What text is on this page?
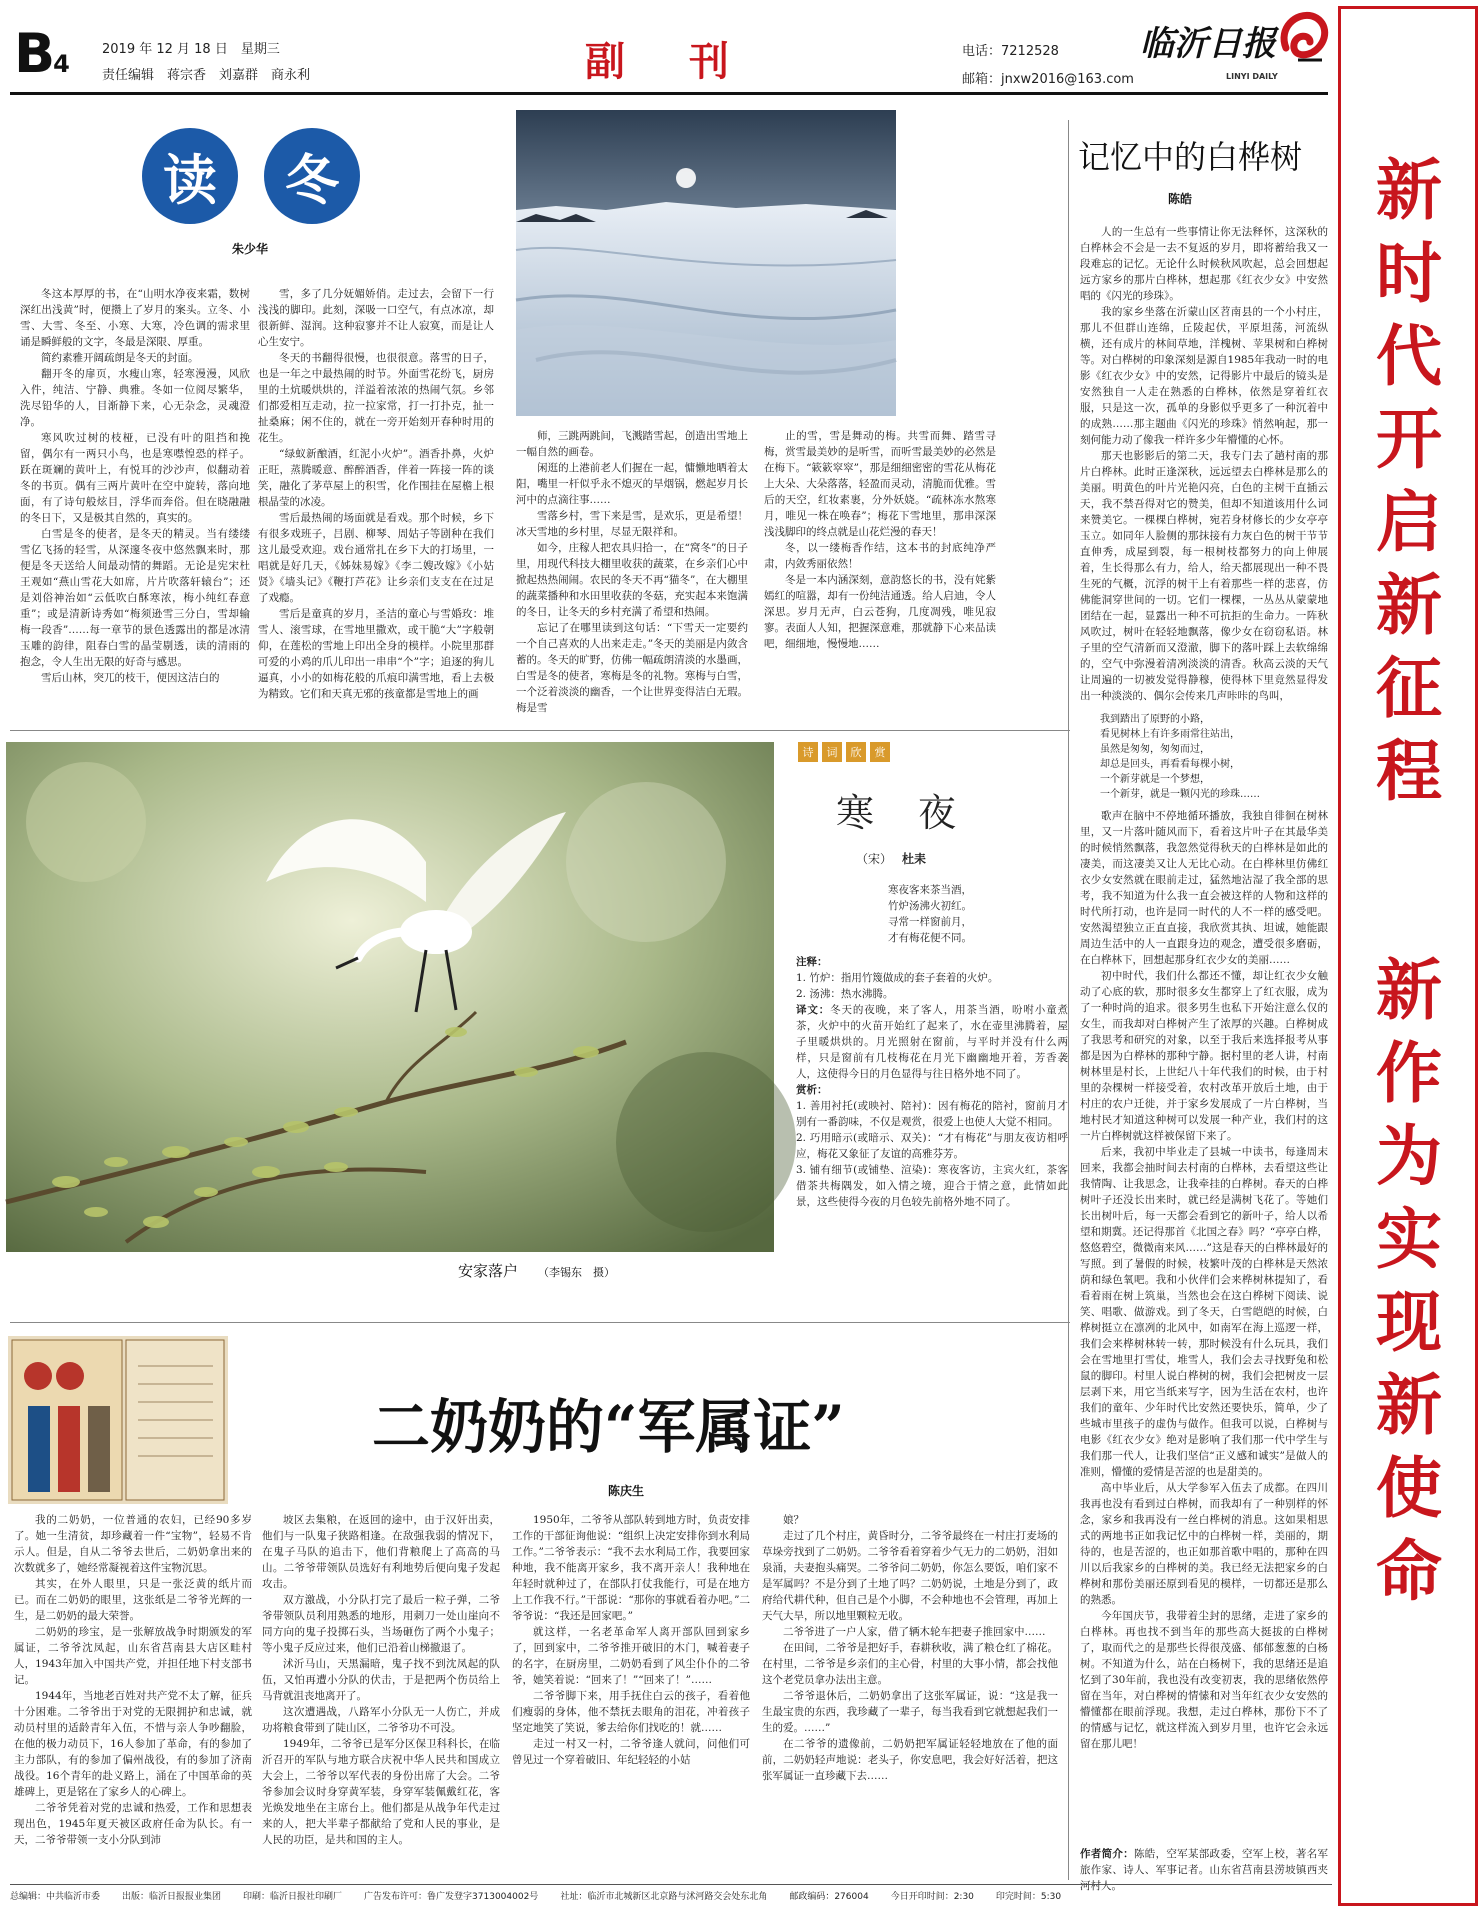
B4
2019 年 12 月 18 日　星期三
责任编辑　蒋宗香　刘嘉群　商永利	副刊	电话：7212528
邮箱：jnxw2016@163.com
临沂日报
LINYI DAILY
新时代开启新征程
新作为实现新使命
读	冬
朱少华

冬这本厚厚的书，在“山明水净夜来霜，数树深红出浅黄”时，便攒上了岁月的案头。立冬、小雪、大雪、冬至、小寒、大寒，冷色调的需求里诵是瞬鲜般的文字，冬最是深限、厚重。

简约素雅开阔疏朗是冬天的封面。

翻开冬的扉页，水瘦山寒，轻寒漫漫，风欣入件，纯洁、宁静、典雅。冬如一位阅尽繁华，洗尽铅华的人，目渐静下来，心无杂念，灵魂澄净。

寒风吹过树的枝桠，已没有叶的阻挡和挽留，偶尔有一两只小鸟，也是寒噤惶恐的样子。跃在斑斓的黄叶上，有悦耳的沙沙声，似翻动着冬的书页。偶有三两片黄叶在空中旋转，落向地面，有了诗句般炫目，浮华而奔俗。但在晓融融的冬日下，又是极其自然的，真实的。

白雪是冬的使者，是冬天的精灵。当有缕缕雪亿飞扬的轻雪，从深邃冬夜中悠然飘来时，那便是冬天送给人间最动情的舞蹈。无论是宪宋杜王观如“燕山雪花大如席，片片吹落轩辕台”；还是刘俗神治如“云低吹白酥寒浓，梅小纯红春意重”；或是清新诗秀如“梅须逊雪三分白，雪却输梅一段香”……每一章节的景色透露出的都是冰清玉雕的韵律，阻春白雪的晶莹剔透，读的清雨的抱念，令人生出无限的好奇与感思。

雪后山林，突兀的枝干，便因这洁白的

雪，多了几分妩媚娇俏。走过去，会留下一行浅浅的脚印。此刻，深吸一口空气，有点冰凉，却很新鲜、湿润。这种寂寥并不让人寂寞，而是让人心生安宁。

冬天的书翻得很慢，也很很意。落雪的日子，也是一年之中最热闹的时节。外面雪花纷飞，厨房里的土炕暖烘烘的，洋溢着浓浓的热闹气氛。乡邻们都爱相互走动，拉一拉家常，打一打扑克，扯一扯桑麻；闲不住的，就在一旁开始刻开春种时用的花生。

“绿蚁新酿酒，红泥小火炉”。酒香扑鼻，火炉正旺，蒸腾暖意、醉醉酒香，伴着一阵接一阵的谈笑，融化了茅草屋上的积雪，化作围挂在屋檐上根根晶莹的冰凌。

雪后最热闹的场面就是看戏。那个时候，乡下有很多戏班子，吕剧、柳琴、周姑子等剧种在我们这儿最受欢迎。戏台通常扎在乡下大的打场里，一唱就是好几天，《姊妹易嫁》《李二嫂改嫁》《小姑贤》《墙头记》《鞭打芦花》让乡亲们支支在在过足了戏瘾。

雪后是童真的岁月，圣洁的童心与雪婚玫：堆雪人、滚雪球，在雪地里撒欢，或干脆“大”字般朝仰，在莲松的雪地上印出全身的模样。小院里那群可爱的小鸡的爪儿印出一串串“个”字；追逐的狗儿逼真，小小的如梅花般的爪痕印满雪地，看上去极为精致。它们和天真无邪的孩童都是雪地上的画

师，三跳两跳间，飞溅踏雪起，创造出雪地上一幅自然的画卷。

闲逛的上港前老人们握在一起，慵懒地晒着太阳，嘴里一杆似乎永不熄灭的旱烟锅，燃起岁月长河中的点滴往事……

雪落乡村，雪下来是雪，是欢乐，更是希望！冰天雪地的乡村里，尽显无限祥和。

如今，庄稼人把农具归拾一，在“窝冬”的日子里，用现代科技大棚里收获的蔬菜，在乡亲们心中掀起热热闹闹。农民的冬天不再“猫冬”，在大棚里的蔬菜播种和水田里收获的冬菇，充实起本来饱满的冬日，让冬天的乡村充满了希望和热闹。

忘记了在哪里读到这句话：“下雪天一定要约一个自己喜欢的人出来走走。”冬天的美丽是内敛含蓄的。冬天的旷野，仿佛一幅疏朗清淡的水墨画，白雪是冬的使者，寒梅是冬的礼物。寒梅与白雪，一个泛着淡淡的幽香，一个让世界变得洁白无瑕。梅是雪

止的雪，雪是舞动的梅。共雪而舞、踏雪寻梅，赏雪最美妙的是听雪，而听雪最美妙的必然是在梅下。“簌簌窣窣”，那是细细密密的雪花从梅花上大朵、大朵落落，轻盈而灵动，清脆而优雅。雪后的天空，红妆素裹，分外妖娆。“疏林冻水熬寒月，唯见一株在唤春”；梅花下雪地里，那串深深浅浅脚印的终点就是山花烂漫的春天！

冬，以一缕梅香作结，这本书的封底纯净严肃，内敛秀丽依然！

冬是一本内涵深刻，意韵悠长的书，没有姹紫嫣红的喧嚣，却有一份纯洁通透。给人启迪，令人深思。岁月无声，白云苍狗，几度凋残，唯见寂寥。表面人人知，把握深意难，那就静下心来品读吧，细细地，慢慢地……

记忆中的白桦树
陈皓

人的一生总有一些事情让你无法释怀，这深秋的白桦林会不会是一去不复返的岁月，即将蓄给我又一段难忘的记忆。无论什么时候秋风吹起，总会回想起远方家乡的那片白桦林，想起那《红衣少女》中安然唱的《闪光的珍珠》。

我的家乡坐落在沂蒙山区苕南县的一个小村庄，那儿不但群山连绵，丘陵起伏，平原坦荡，河流纵横，还有成片的林间草地，洋槐树、苹果树和白桦树等。对白桦树的印象深刻是源自1985年我动一时的电影《红衣少女》中的安然，记得影片中最后的镜头是安然独自一人走在熟悉的白桦林，依然是穿着红衣服，只是这一次，孤单的身影似乎更多了一种沉着中的成熟……那主题曲《闪光的珍珠》悄然响起，那一刻何能力动了像我一样许多少年懵懂的心怀。

那天也影影后的第二天，我专门去了趟村南的那片白桦林。此时正逢深秋，远远望去白桦林是那么的美丽。明黄色的叶片光艳闪亮，白色的主树干直插云天，我不禁吾得对它的赞美，但却不知道该用什么词来赞美它。一棵棵白桦树，宛若身材修长的少女亭亭玉立。如同年人脸侧的那抹接有力灰白色的树干节节直伸秀，成屋到裂，每一根树枝都努力的向上伸展着，生长得那么有力，给人，给天都展现出一种不畏生死的气概，沉浮的树干上有着那些一样的悲喜，仿佛能洞穿世间的一切。它们一棵棵，一丛丛从蒙蒙地团结在一起，显露出一种不可抗拒的生命力。一阵秋风吹过，树叶在轻轻地飘落，像少女在窃窃私语。林子里的空气清新而又澄澈，脚下的落叶踩上去软绵绵的，空气中弥漫着清冽淡淡的清香。秋高云淡的天气让周遍的一切被发觉得静穆，使得林下里竟然显得发出一种淡淡的、偶尔会传来几声咔咔的鸟叫，

我到踏出了原野的小路，
看见树林上有许多雨常往站出，
虽然是匆匆，匆匆而过，
却总是回头，再看看每棵小树，
一个新芽就是一个梦想，
一个新芽，就是一颗闪光的珍珠……

歌声在脑中不停地循环播放，我独自徘徊在树林里，又一片落叶随风而下，看着这片叶子在其最华美的时候悄然飘落，我忽然觉得秋天的白桦林是如此的凄美，而这凄美又让人无比心动。在白桦林里仿佛红衣少女安然就在眼前走过，猛然地沾湿了我全部的思考，我不知道为什么我一直会被这样的人物和这样的时代所打动，也许是同一时代的人不一样的感受吧。安然渴望独立正直直接，我欣赏其执、坦诚，她能跟周边生活中的人一直跟身边的观念，遭受很多磨砺，在白桦林下，回想起那身红衣少女的美丽……

初中时代，我们什么都还不懂，却让红衣少女触动了心底的软，那时很多女生都穿上了红衣服，成为了一种时尚的追求。很多男生也私下开始注意么仅的女生，而我却对白桦树产生了浓厚的兴趣。白桦树成了我思考和研究的对象，以至于我后来选择报考从事都是因为白桦林的那种宁静。据村里的老人讲，村南树林里是村长，上世纪八十年代我们的时候，由于村里的杂棵树一样接受着，农村改革开放后土地，由于村庄的农户迁徙，并于家乡发展成了一片白桦树，当地村民才知道这种树可以发展一种产业，我们村的这一片白桦树就这样被保留下来了。

后来，我初中毕业走了县城一中读书，每逢周末回来，我都会抽时间去村南的白桦林，去看望这些让我情陶、让我思念，让我牵挂的白桦树。春天的白桦树叶子还没长出来时，就已经是满树飞花了。等她们长出树叶后，每一天都会看到它的新叶子，给人以希望和期冀。还记得那首《北国之春》吗？“亭亭白桦，悠悠碧空，微微南来风……”这是春天的白桦林最好的写照。到了暑假的时候，枝繁叶茂的白桦林是天然浓荫和绿色氧吧。我和小伙伴们会来桦树林提知了，看看着雨在树上筑巢，当然也会在这白桦树下阅读、说笑、唱歌、做游戏。到了冬天，白雪皑皑的时候，白桦树挺立在凛冽的北风中，如南军在海上巡逻一样，我们会来桦树林转一转，那时候没有什么玩具，我们会在雪地里打雪仗，堆雪人，我们会去寻找野兔和松鼠的脚印。村里人说白桦树的树，我们会把树皮一层层剥下来，用它当纸来写字，因为生活在农村，也许我们的童年、少年时代比安然还要快乐，简单，少了些城市里孩子的虚伪与做作。但我可以说，白桦树与电影《红衣少女》绝对是影响了我们那一代中学生与我们那一代人，让我们坚信“正义感和诚实”是做人的准则，懵懂的爱情是苦涩的也是甜美的。

高中毕业后，从大学参军入伍去了成都。在四川我再也没有看到过白桦树，而我却有了一种别样的怀念，家乡和我再没有一丝白桦树的消息。这如果相思式的两地书正如我记忆中的白桦树一样，美丽的，期待的，也是苦涩的，也正如那首歌中唱的，那种在四川以后我家乡的白桦树的美。我已经无法把家乡的白桦树和那份美丽还原到看见的模样，一切都还是那么的熟悉。

今年国庆节，我带着尘封的思绪，走进了家乡的白桦林。再也找不到当年的那些高大挺拔的白桦树了，取而代之的是那些长得很茂盛、郁郁葱葱的白杨树。不知道为什么，站在白杨树下，我的思绪还是追忆到了30年前，我也没有改变初衷，我的思绪依然停留在当年，对白桦树的情愫和对当年红衣少女安然的懵懂都在眼前浮现。我想，走过白桦林，那份下不了的情感与记忆，就这样流入到岁月里，也许它会永远留在那儿吧！

作者简介：陈皓，空军某部政委，空军上校，著名军旅作家、诗人、军事记者。山东省莒南县涝坡镇西夹河村人。
安家落户 （李锡东　摄）
诗	词	欣	赏
寒夜
（宋） 杜耒
寒夜客来茶当酒，
竹炉汤沸火初红。
寻常一样窗前月，
才有梅花便不同。
注释：
1. 竹炉：指用竹篾做成的套子套着的火炉。
2. 汤沸：热水沸腾。
译文：冬天的夜晚，来了客人，用茶当酒，吩咐小童煮茶，火炉中的火苗开始红了起来了，水在壶里沸腾着，屋子里暖烘烘的。月光照射在窗前，与平时并没有什么两样，只是窗前有几枝梅花在月光下幽幽地开着，芳香袭人，这使得今日的月色显得与往日格外地不同了。
赏析：
1. 善用衬托(或映衬、陪衬)：因有梅花的陪衬，窗前月才别有一番韵味，不仅是观赏，很爱上也使人大觉不相同。
2. 巧用暗示(或暗示、双关)：“才有梅花”与朋友夜访相呼应，梅花又象征了友谊的高雅芬芳。
3. 铺有细节(或铺垫、渲染)：寒夜客访，主宾火红，茶客借茶共梅隅发，如入情之境，迎合于情之意，此情如此景，这些使得今夜的月色较先前格外地不同了。
二奶奶的“军属证”
陈庆生

我的二奶奶，一位普通的农妇，已经90多岁了。她一生清贫，却珍藏着一件“宝物”，轻易不肯示人。但是，自从二爷爷去世后，二奶奶拿出来的次数就多了，她经常凝视着这件宝物沉思。

其实，在外人眼里，只是一张泛黄的纸片而已。而在二奶奶的眼里，这张纸是二爷爷光辉的一生，是二奶奶的最大荣誉。

二奶奶的珍宝，是一张解放战争时期颁发的军属证，二爷爷沈凤起，山东省莒南县大店区畦村人，1943年加入中国共产党，并担任地下村支部书记。

1944年，当地老百姓对共产党不太了解，征兵十分困难。二爷爷出于对党的无限拥护和忠诚，就动员村里的适龄青年入伍，不惜与亲人争吵翻脸，在他的极力动员下，16人参加了革命，有的参加了主力部队，有的参加了偏州战役，有的参加了济南战役。16个青年的赴义路上，涌在了中国革命的英雄碑上，更是铭在了家乡人的心碑上。

二爷爷凭着对党的忠诚和热爱，工作和思想表现出色，1945年夏天被区政府任命为队长。有一天，二爷爷带领一支小分队到沛

坡区去集粮，在返回的途中，由于汉奸出卖，他们与一队鬼子狭路相逢。在敌强我弱的情况下，在鬼子马队的追击下，他们背粮爬上了高高的马山。二爷爷带领队员选好有利地势后便向鬼子发起攻击。

双方激战，小分队打完了最后一粒子弹，二爷爷带领队员利用熟悉的地形，用刺刀一处山崖向不同方向的鬼子投掷石头，当场砸伤了两个小鬼子；等小鬼子反应过来，他们已沿着山梯撤退了。

沭沂马山，天黑漏暗，鬼子找不到沈凤起的队伍，又怕再遭小分队的伏击，于是把两个伤员给上马背就沮丧地离开了。

这次遭遇战，八路军小分队无一人伤亡，并成功将粮食带到了陡山区，二爷爷功不可没。

1949年，二爷爷已是军分区保卫科科长，在临沂召开的军队与地方联合庆祝中华人民共和国成立大会上，二爷爷以军代表的身份出席了大会。二爷爷参加会议时身穿黄军装，身穿军装佩戴红花，客光焕发地坐在主席台上。他们都是从战争年代走过来的人，把大半辈子都献给了党和人民的事业，是人民的功臣，是共和国的主人。

1950年，二爷爷从部队转到地方时，负责安排工作的干部征询他说：“组织上决定安排你到水利局工作。”二爷爷表示：“我不去水利局工作，我要回家种地，我不能离开家乡，我不离开亲人！我种地在年轻时就种过了，在部队打仗我能行，可是在地方上工作我不行。”干部说：“那你的事就看着办吧。”二爷爷说：“我还是回家吧。”

就这样，一名老革命军人离开部队回到家乡了，回到家中，二爷爷推开破旧的木门，喊着妻子的名字，在厨房里，二奶奶看到了风尘仆仆的二爷爷，她笑着说：“回来了！”“回来了！”……

二爷爷脚下来，用手抚住白云的孩子，看着他们瘦弱的身体，他不禁抚去眼角的泪花，冲着孩子坚定地笑了笑说，爹去给你们找吃的！就……

走过一村又一村，二爷爷逢人就问，问他们可曾见过一个穿着破旧、年纪轻轻的小姑

娘？

走过了几个村庄，黄昏时分，二爷爷最终在一村庄打麦场的草垛旁找到了二奶奶。二爷爷看着穿着少气无力的二奶奶，泪如泉涌，夫妻抱头痛哭。二爷爷问二奶奶，你怎么要饭，咱们家不是军属吗？不是分到了土地了吗？二奶奶说，土地是分到了，政府给代耕代种，但自己是个小脚，不会种地也不会管理，再加上天气大旱，所以地里颗粒无收。

二爷爷进了一户人家，借了辆木轮车把妻子推回家中……

在田间，二爷爷是把好手，春耕秋收，满了粮仓红了棉花。在村里，二爷爷是乡亲们的主心骨，村里的大事小情，都会找他这个老党员拿办法出主意。

二爷爷退休后，二奶奶拿出了这张军属证，说：“这是我一生最宝贵的东西，我珍藏了一辈子，每当我看到它就想起我们一生的爱。……”

在二爷爷的遗像前，二奶奶把军属证轻轻地放在了他的面前，二奶奶轻声地说：老头子，你安息吧，我会好好活着，把这张军属证一直珍藏下去……

总编辑：中共临沂市委 出版：临沂日报报业集团 印刷：临沂日报社印刷厂 广告发布许可：鲁广发登字3713004002号 社址：临沂市北城新区北京路与沭河路交会处东北角 邮政编码：276004 今日开印时间：2:30 印完时间：5:30
